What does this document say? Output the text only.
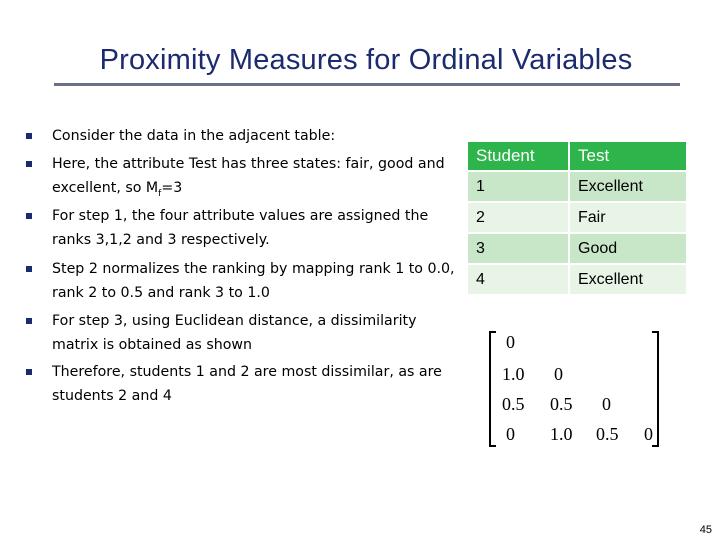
Proximity Measures for Ordinal Variables
Consider the data in the adjacent table:
Here, the attribute Test has three states: fair, good and excellent, so $M_f=3$
For step 1, the four attribute values are assigned the ranks 3,1,2 and 3 respectively.
Step 2 normalizes the ranking by mapping rank 1 to 0.0, rank 2 to 0.5 and rank 3 to 1.0
For step 3, using Euclidean distance, a dissimilarity matrix is obtained as shown
Therefore, students 1 and 2 are most dissimilar, as are students 2 and 4
Student	Test
1	Excellent
2	Fair
3	Good
4	Excellent
0
1.0	0
0.5	0.5	0
0	1.0	0.5	0
45
